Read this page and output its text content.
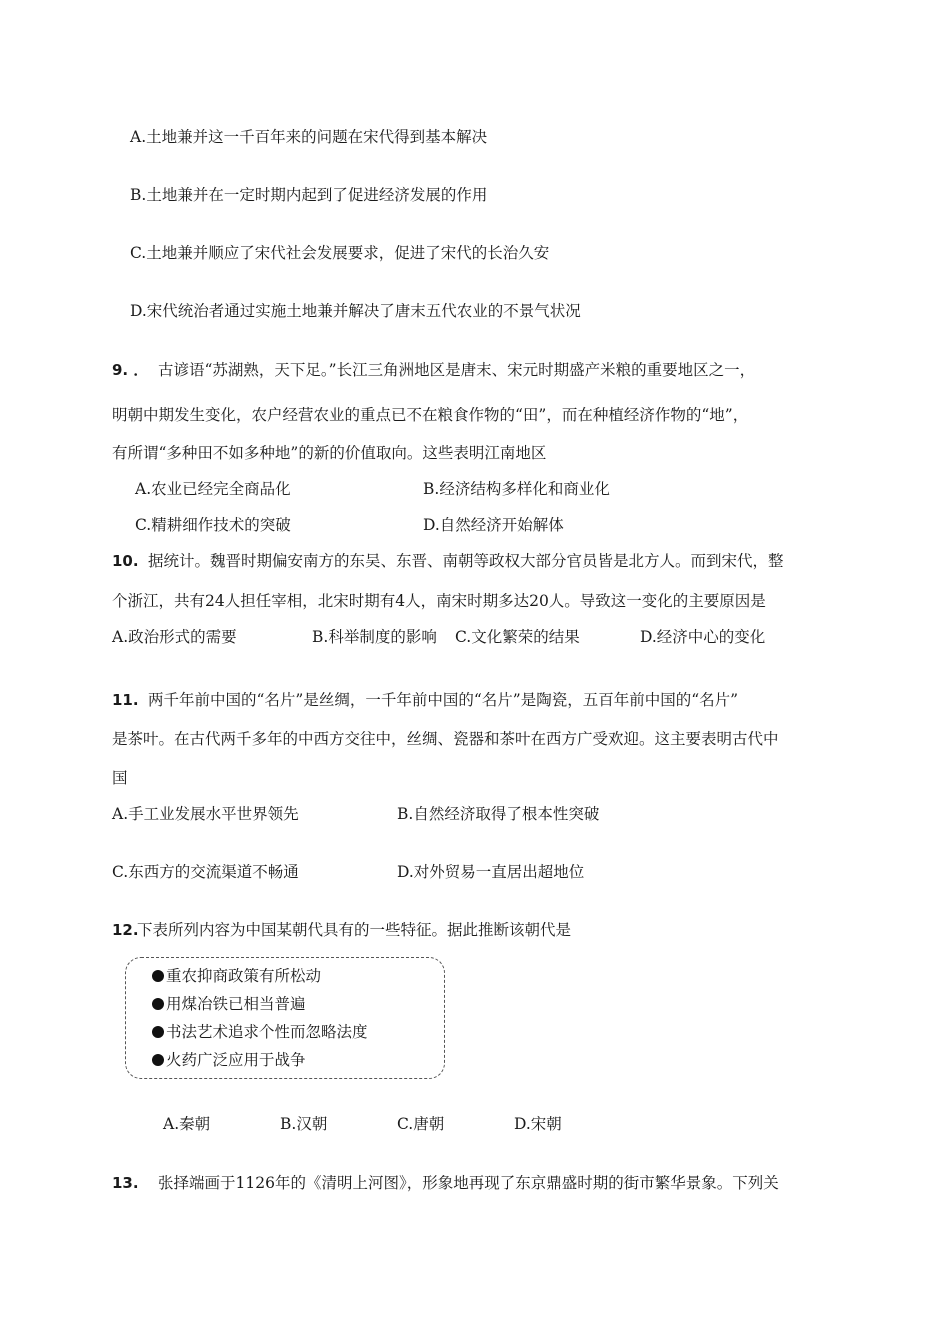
A.土地兼并这一千百年来的问题在宋代得到基本解决
B.土地兼并在一定时期内起到了促进经济发展的作用
C.土地兼并顺应了宋代社会发展要求，促进了宋代的长治久安
D.宋代统治者通过实施土地兼并解决了唐末五代农业的不景气状况
9. ． 古谚语“苏湖熟，天下足。”长江三角洲地区是唐末、宋元时期盛产米粮的重要地区之一，
明朝中期发生变化，农户经营农业的重点已不在粮食作物的“田”，而在种植经济作物的“地”，
有所谓“多种田不如多种地”的新的价值取向。这些表明江南地区
A.农业已经完全商品化	B.经济结构多样化和商业化
C.精耕细作技术的突破	D.自然经济开始解体
10. 据统计。魏晋时期偏安南方的东吴、东晋、南朝等政权大部分官员皆是北方人。而到宋代，整
个浙江，共有24人担任宰相，北宋时期有4人，南宋时期多达20人。导致这一变化的主要原因是
A.政治形式的需要	B.科举制度的影响 C.文化繁荣的结果	D.经济中心的变化
11. 两千年前中国的“名片”是丝绸，一千年前中国的“名片”是陶瓷，五百年前中国的“名片”
是茶叶。在古代两千多年的中西方交往中，丝绸、瓷器和茶叶在西方广受欢迎。这主要表明古代中
国
A.手工业发展水平世界领先	B.自然经济取得了根本性突破
C.东西方的交流渠道不畅通	D.对外贸易一直居出超地位
12.
下表所列内容为中国某朝代具有的一些特征。据此推断该朝代是
重农抑商政策有所松动
用煤冶铁已相当普遍
书法艺术追求个性而忽略法度
火药广泛应用于战争
A.秦朝	B.汉朝	C.唐朝	D.宋朝
13. 张择端画于1126年的《清明上河图》，形象地再现了东京鼎盛时期的街市繁华景象。下列关
